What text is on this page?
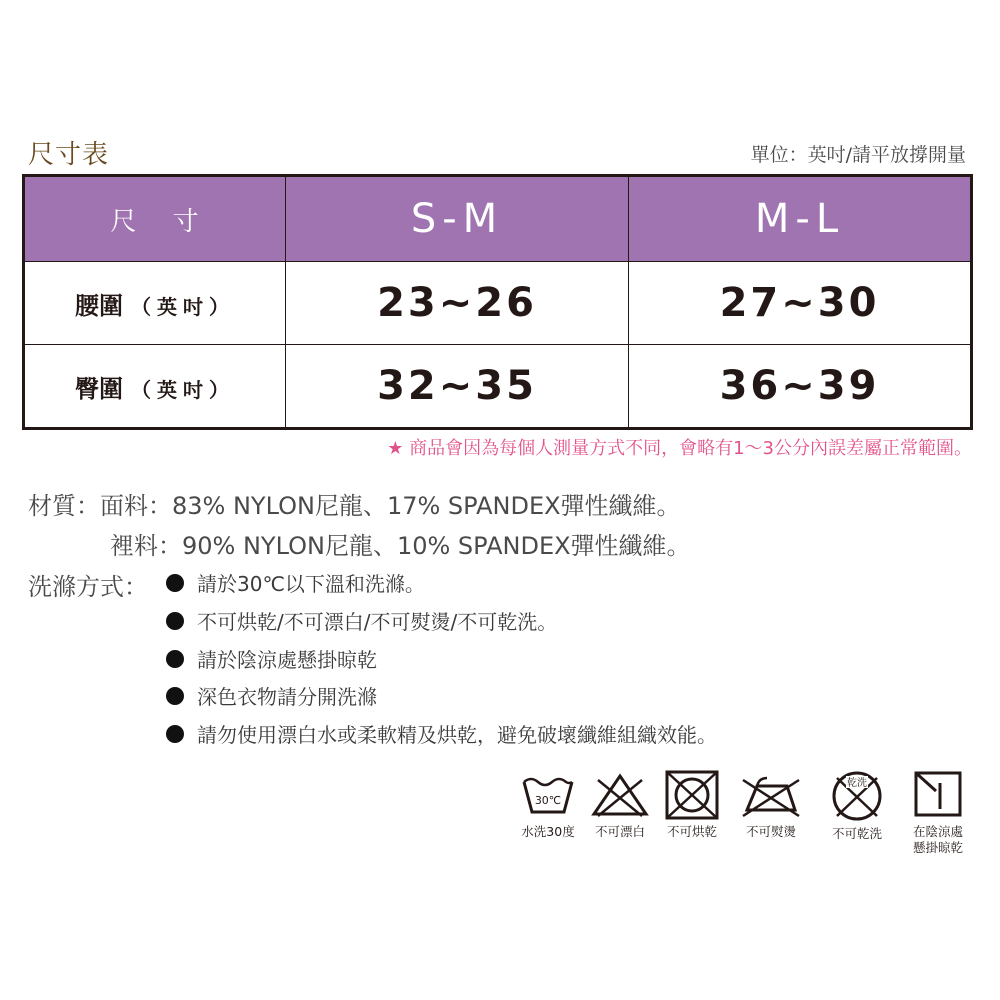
尺寸表	單位：英吋/請平放撐開量
尺 寸	S-M	M-L
腰圍 （英吋）	23~26	27~30
臀圍 （英吋）	32~35	36~39
★ 商品會因為每個人測量方式不同，會略有1～3公分內誤差屬正常範圍。
材質：面料：83% NYLON尼龍、17% SPANDEX彈性纖維。
裡料：90% NYLON尼龍、10% SPANDEX彈性纖維。
洗滌方式： 請於30℃以下溫和洗滌。
不可烘乾/不可漂白/不可熨燙/不可乾洗。
請於陰涼處懸掛晾乾
深色衣物請分開洗滌
請勿使用漂白水或柔軟精及烘乾，避免破壞纖維組織效能。
30℃
水洗30度	不可漂白	不可烘乾	不可熨燙
乾洗
不可乾洗	在陰涼處
懸掛晾乾
